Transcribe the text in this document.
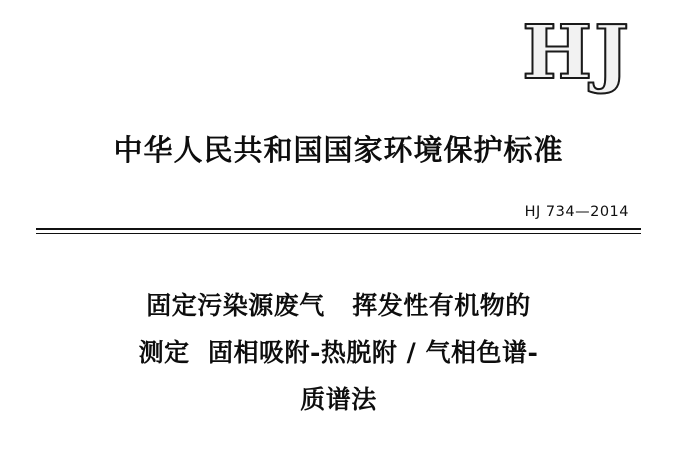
HJ
中华人民共和国国家环境保护标准
HJ 734—2014
固定污染源废气   挥发性有机物的
测定  固相吸附-热脱附 / 气相色谱-
质谱法
